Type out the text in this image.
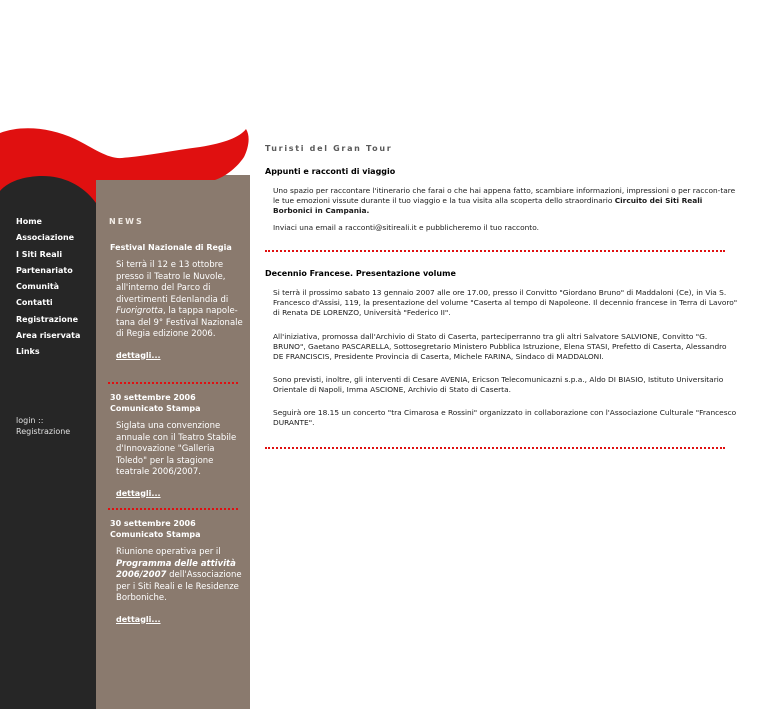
Home
Associazione
I Siti Reali
Partenariato
Comunità
Contatti
Registrazione
Area riservata
Links
login ::
Registrazione
NEWS
Festival Nazionale di Regia
Si terrà il 12 e 13 ottobre presso il Teatro le Nuvole, all'interno del Parco di divertimenti Edenlandia di Fuorigrotta, la tappa napole-tana del 9° Festival Nazionale di Regia edizione 2006.
dettagli...
30 settembre 2006 Comunicato Stampa
Siglata una convenzione annuale con il Teatro Stabile d'Innovazione "Galleria Toledo" per la stagione teatrale 2006/2007.
dettagli...
30 settembre 2006 Comunicato Stampa
Riunione operativa per il Programma delle attività 2006/2007 dell'Associazione per i Siti Reali e le Residenze Borboniche.
dettagli...
Turisti del Gran Tour
Appunti e racconti di viaggio
Uno spazio per raccontare l'itinerario che farai o che hai appena fatto, scambiare informazioni, impressioni o per raccon-tare le tue emozioni vissute durante il tuo viaggio e la tua visita alla scoperta dello straordinario Circuito dei Siti Reali Borbonici in Campania.
Inviaci una email a racconti@sitireali.it e pubblicheremo il tuo racconto.
Decennio Francese. Presentazione volume
Si terrà il prossimo sabato 13 gennaio 2007 alle ore 17.00, presso il Convitto "Giordano Bruno" di Maddaloni (Ce), in Via S. Francesco d'Assisi, 119, la presentazione del volume "Caserta al tempo di Napoleone. Il decennio francese in Terra di Lavoro" di Renata DE LORENZO, Università "Federico II".
All'iniziativa, promossa dall'Archivio di Stato di Caserta, parteciperranno tra gli altri Salvatore SALVIONE, Convitto "G. BRUNO", Gaetano PASCARELLA, Sottosegretario Ministero Pubblica Istruzione, Elena STASI, Prefetto di Caserta, Alessandro DE FRANCISCIS, Presidente Provincia di Caserta, Michele FARINA, Sindaco di MADDALONI.
Sono previsti, inoltre, gli interventi di Cesare AVENIA, Ericson Telecomunicazni s.p.a., Aldo DI BIASIO, Istituto Universitario Orientale di Napoli, Imma ASCIONE, Archivio di Stato di Caserta.
Seguirà ore 18.15 un concerto "tra Cimarosa e Rossini" organizzato in collaborazione con l'Associazione Culturale "Francesco DURANTE".
